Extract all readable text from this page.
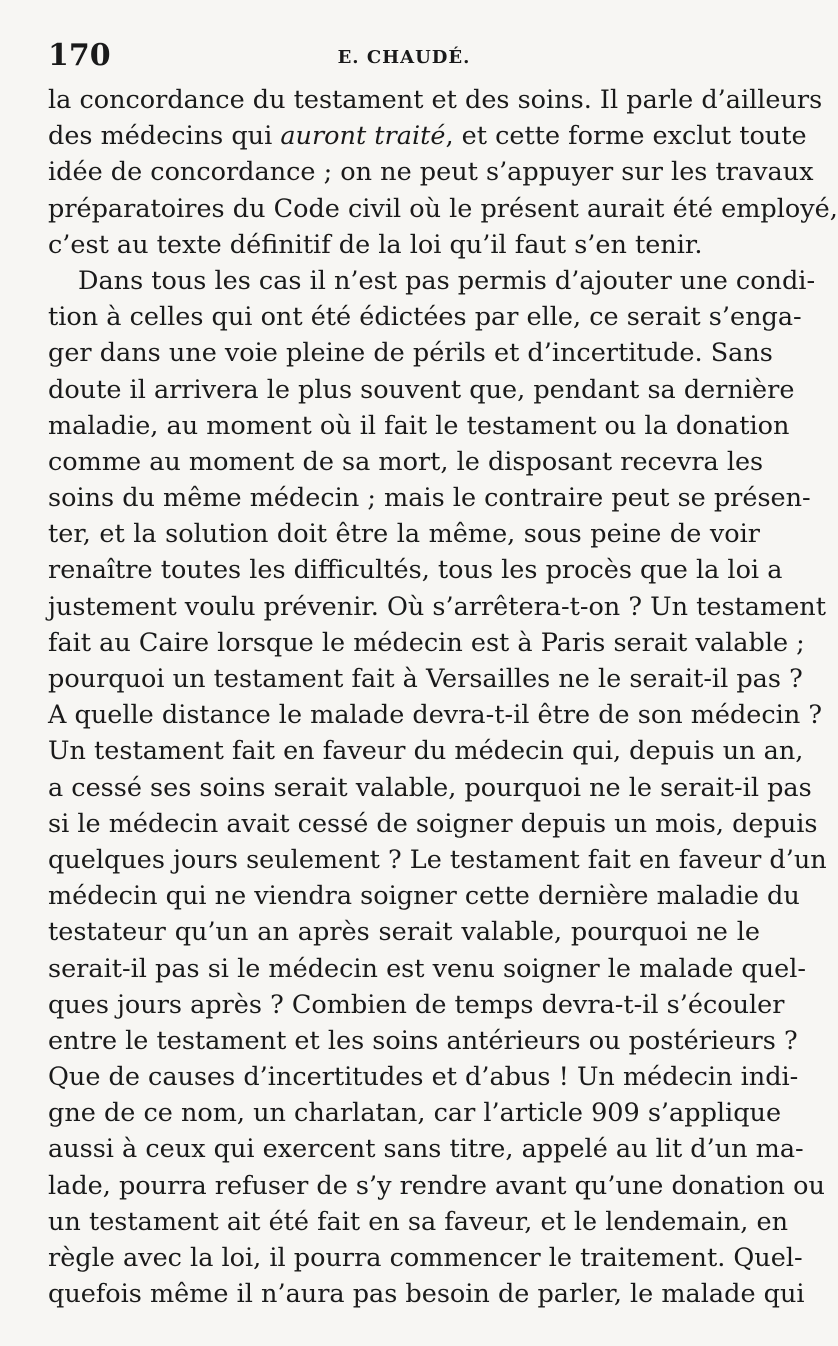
170	E. CHAUDÉ.
la concordance du testament et des soins. Il parle d’ailleurs
des médecins qui auront traité, et cette forme exclut toute
idée de concordance ; on ne peut s’appuyer sur les travaux
préparatoires du Code civil où le présent aurait été employé,
c’est au texte définitif de la loi qu’il faut s’en tenir.
Dans tous les cas il n’est pas permis d’ajouter une condi-
tion à celles qui ont été édictées par elle, ce serait s’enga-
ger dans une voie pleine de périls et d’incertitude. Sans
doute il arrivera le plus souvent que, pendant sa dernière
maladie, au moment où il fait le testament ou la donation
comme au moment de sa mort, le disposant recevra les
soins du même médecin ; mais le contraire peut se présen-
ter, et la solution doit être la même, sous peine de voir
renaître toutes les difficultés, tous les procès que la loi a
justement voulu prévenir. Où s’arrêtera-t-on ? Un testament
fait au Caire lorsque le médecin est à Paris serait valable ;
pourquoi un testament fait à Versailles ne le serait-il pas ?
A quelle distance le malade devra-t-il être de son médecin ?
Un testament fait en faveur du médecin qui, depuis un an,
a cessé ses soins serait valable, pourquoi ne le serait-il pas
si le médecin avait cessé de soigner depuis un mois, depuis
quelques jours seulement ? Le testament fait en faveur d’un
médecin qui ne viendra soigner cette dernière maladie du
testateur qu’un an après serait valable, pourquoi ne le
serait-il pas si le médecin est venu soigner le malade quel-
ques jours après ? Combien de temps devra-t-il s’écouler
entre le testament et les soins antérieurs ou postérieurs ?
Que de causes d’incertitudes et d’abus ! Un médecin indi-
gne de ce nom, un charlatan, car l’article 909 s’applique
aussi à ceux qui exercent sans titre, appelé au lit d’un ma-
lade, pourra refuser de s’y rendre avant qu’une donation ou
un testament ait été fait en sa faveur, et le lendemain, en
règle avec la loi, il pourra commencer le traitement. Quel-
quefois même il n’aura pas besoin de parler, le malade qui
